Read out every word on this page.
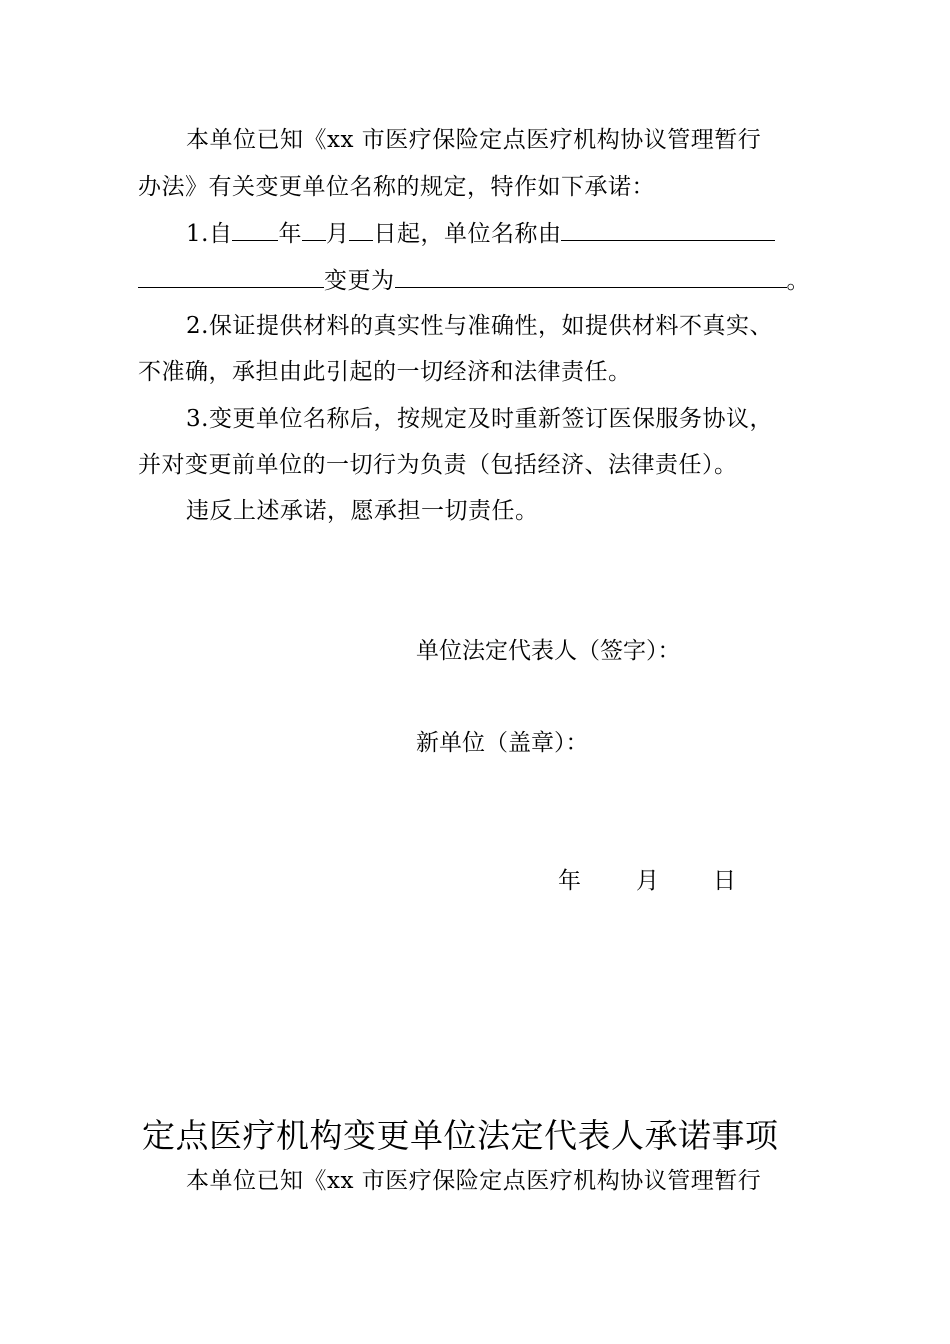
本单位已知《xx 市医疗保险定点医疗机构协议管理暂行
办法》有关变更单位名称的规定，特作如下承诺：
1.自 年 月 日起，单位名称由
变更为	。
2.保证提供材料的真实性与准确性，如提供材料不真实、
不准确，承担由此引起的一切经济和法律责任。
3.变更单位名称后，按规定及时重新签订医保服务协议，
并对变更前单位的一切行为负责（包括经济、法律责任）。
违反上述承诺，愿承担一切责任。
单位法定代表人（签字）：
新单位（盖章）：
年 月 日
定点医疗机构变更单位法定代表人承诺事项
本单位已知《xx 市医疗保险定点医疗机构协议管理暂行
